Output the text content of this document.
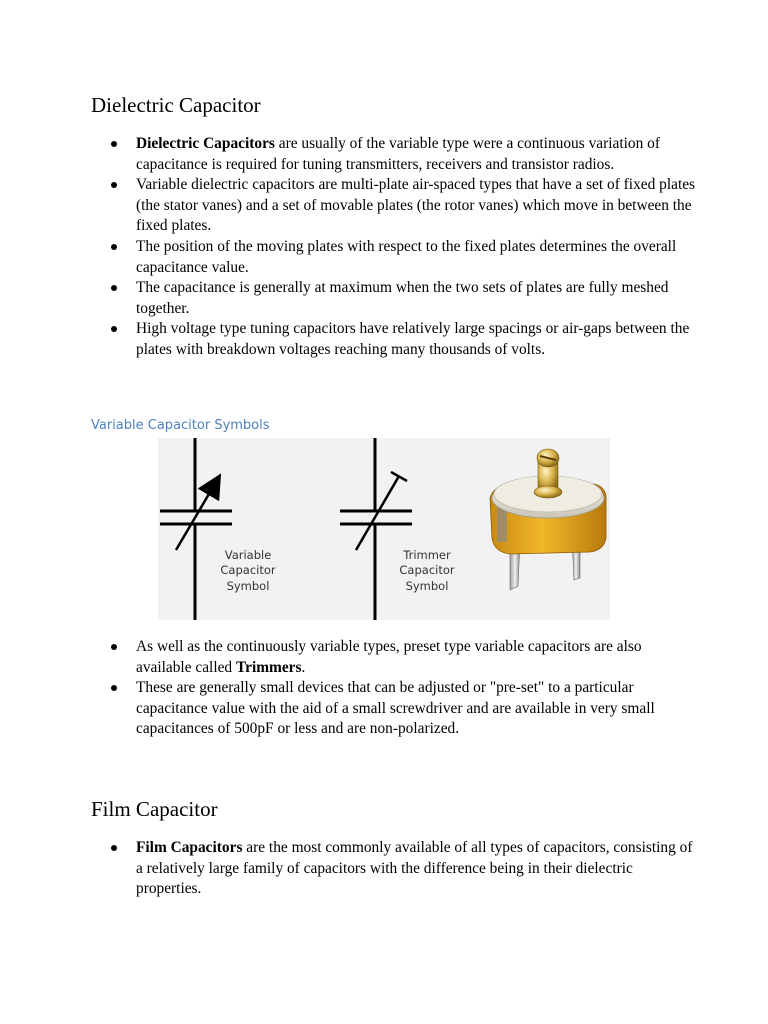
Dielectric Capacitor
Dielectric Capacitors are usually of the variable type were a continuous variation of capacitance is required for tuning transmitters, receivers and transistor radios.
Variable dielectric capacitors are multi-plate air-spaced types that have a set of fixed plates (the stator vanes) and a set of movable plates (the rotor vanes) which move in between the fixed plates.
The position of the moving plates with respect to the fixed plates determines the overall capacitance value.
The capacitance is generally at maximum when the two sets of plates are fully meshed together.
High voltage type tuning capacitors have relatively large spacings or air-gaps between the plates with breakdown voltages reaching many thousands of volts.
Variable Capacitor Symbols
Variable
Capacitor
Symbol
Trimmer
Capacitor
Symbol
As well as the continuously variable types, preset type variable capacitors are also available called Trimmers.
These are generally small devices that can be adjusted or "pre-set" to a particular capacitance value with the aid of a small screwdriver and are available in very small capacitances of 500pF or less and are non-polarized.
Film Capacitor
Film Capacitors are the most commonly available of all types of capacitors, consisting of a relatively large family of capacitors with the difference being in their dielectric properties.
